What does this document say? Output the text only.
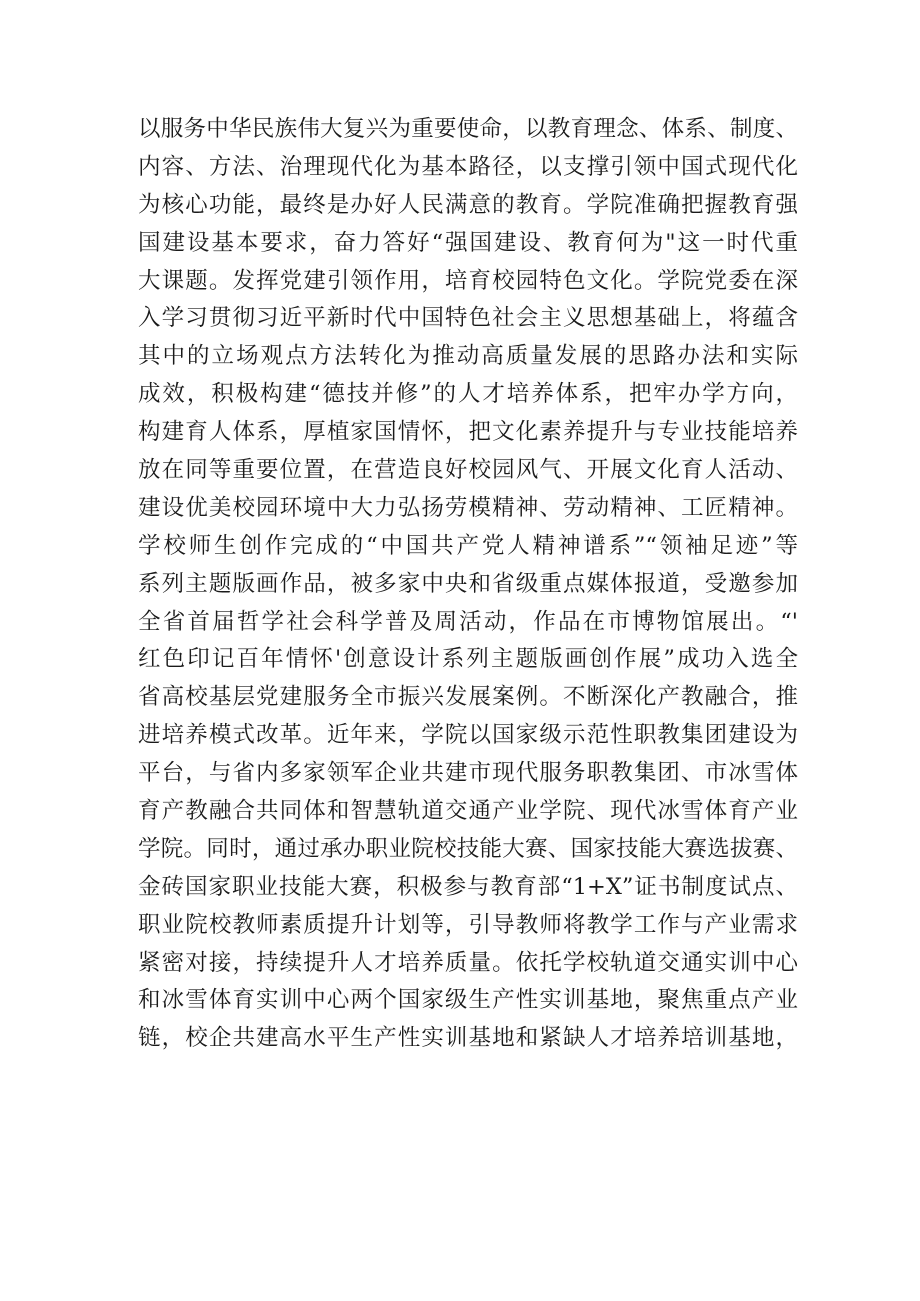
以服务中华民族伟大复兴为重要使命，以教育理念、体系、制度、
内容、方法、治理现代化为基本路径，以支撑引领中国式现代化
为核心功能，最终是办好人民满意的教育。学院准确把握教育强
国建设基本要求，奋力答好“强国建设、教育何为"这一时代重
大课题。发挥党建引领作用，培育校园特色文化。学院党委在深
入学习贯彻习近平新时代中国特色社会主义思想基础上，将蕴含
其中的立场观点方法转化为推动高质量发展的思路办法和实际
成效，积极构建“德技并修”的人才培养体系，把牢办学方向，
构建育人体系，厚植家国情怀，把文化素养提升与专业技能培养
放在同等重要位置，在营造良好校园风气、开展文化育人活动、
建设优美校园环境中大力弘扬劳模精神、劳动精神、工匠精神。
学校师生创作完成的“中国共产党人精神谱系”“领袖足迹”等
系列主题版画作品，被多家中央和省级重点媒体报道，受邀参加
全省首届哲学社会科学普及周活动，作品在市博物馆展出。“'
红色印记百年情怀'创意设计系列主题版画创作展”成功入选全
省高校基层党建服务全市振兴发展案例。不断深化产教融合，推
进培养模式改革。近年来，学院以国家级示范性职教集团建设为
平台，与省内多家领军企业共建市现代服务职教集团、市冰雪体
育产教融合共同体和智慧轨道交通产业学院、现代冰雪体育产业
学院。同时，通过承办职业院校技能大赛、国家技能大赛选拔赛、
金砖国家职业技能大赛，积极参与教育部“1+X”证书制度试点、
职业院校教师素质提升计划等，引导教师将教学工作与产业需求
紧密对接，持续提升人才培养质量。依托学校轨道交通实训中心
和冰雪体育实训中心两个国家级生产性实训基地，聚焦重点产业
链，校企共建高水平生产性实训基地和紧缺人才培养培训基地，
